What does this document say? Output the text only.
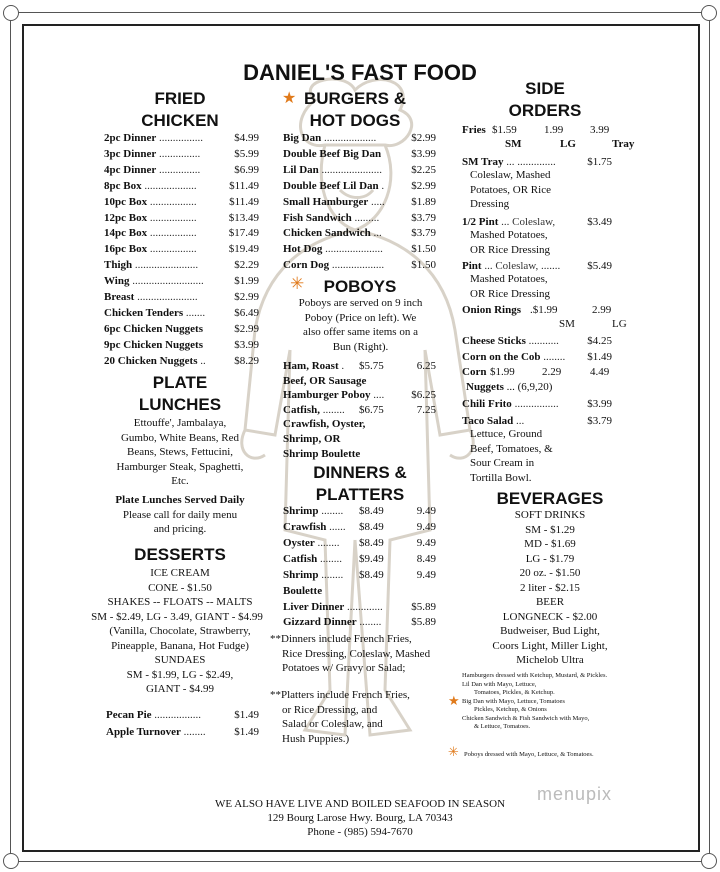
DANIEL'S FAST FOOD
FRIED
CHICKEN
2pc Dinner ................	$4.99
3pc Dinner ...............	$5.99
4pc Dinner ...............	$6.99
8pc Box ...................	$11.49
10pc Box .................	$11.49
12pc Box .................	$13.49
14pc Box .................	$17.49
16pc Box .................	$19.49
Thigh .......................	$2.29
Wing ..........................	$1.99
Breast ......................	$2.99
Chicken Tenders .......	$6.49
6pc Chicken Nuggets	$2.99
9pc Chicken Nuggets	$3.99
20 Chicken Nuggets ..	$8.29
PLATE
LUNCHES
Ettouffe', Jambalaya,
Gumbo, White Beans, Red
Beans, Stews, Fettucini,
Hamburger Steak, Spaghetti,
Etc.
Plate Lunches Served Daily
Please call for daily menu
and pricing.
DESSERTS
ICE CREAM
CONE - $1.50
SHAKES -- FLOATS -- MALTS
SM - $2.49, LG - 3.49, GIANT - $4.99
(Vanilla, Chocolate, Strawberry,
Pineapple, Banana, Hot Fudge)
SUNDAES
SM - $1.99, LG - $2.49,
GIANT - $4.99
Pecan Pie .................	$1.49
Apple Turnover ........	$1.49
★ BURGERS &
HOT DOGS
Big Dan ...................	$2.99
Double Beef Big Dan	$3.99
Lil Dan ......................	$2.25
Double Beef Lil Dan . $2.99
Small Hamburger ..... $1.89
Fish Sandwich .........	$3.79
Chicken Sandwich ...	$3.79
Hot Dog .....................	$1.50
Corn Dog ................... $1.50
✳	POBOYS
Poboys are served on 9 inch
Poboy (Price on left). We
also offer same items on a
Bun (Right).
Ham, Roast . $5.75	6.25
Beef, OR Sausage
Hamburger Poboy .... $6.25
Catfish, ........ $6.75	7.25
Crawfish, Oyster,
Shrimp, OR
Shrimp Boulette
DINNERS &
PLATTERS
Shrimp ........ $8.49	9.49
Crawfish ...... $8.49	9.49
Oyster ........ $8.49	9.49
Catfish ........ $9.49	8.49
Shrimp ........ $8.49	9.49
Boulette
Liver Dinner .............	$5.89
Gizzard Dinner ........	$5.89
**Dinners include French Fries,
Rice Dressing, Coleslaw, Mashed
Potatoes w/ Gravy or Salad;
**Platters include French Fries,
or Rice Dressing, and
Salad or Coleslaw, and
Hush Puppies.)
SIDE
ORDERS
Fries $1.59 1.99 3.99
SM	LG	Tray
SM Tray ... ..............	$1.75
Coleslaw, Mashed
Potatoes, OR Rice
Dressing
1/2 Pint ... Coleslaw,	$3.49
Mashed Potatoes,
OR Rice Dressing
Pint ... Coleslaw, ....... $5.49
Mashed Potatoes,
OR Rice Dressing
Onion Rings .$1.99	2.99
SM	LG
Cheese Sticks ...........	$4.25
Corn on the Cob ........ $1.49
Corn $1.99 2.29	4.49
Nuggets ... (6,9,20)
Chili Frito ................	$3.99
Taco Salad ...	$3.79
Lettuce, Ground
Beef, Tomatoes, &
Sour Cream in
Tortilla Bowl.
BEVERAGES
SOFT DRINKS
SM - $1.29
MD - $1.69
LG - $1.79
20 oz. - $1.50
2 liter - $2.15
BEER
LONGNECK - $2.00
Budweiser, Bud Light,
Coors Light, Miller Light,
Michelob Ultra
★
Hamburgers dressed with Ketchup, Mustard, & Pickles.
Lil Dan with Mayo, Lettuce,
Tomatoes, Pickles, & Ketchup.
Big Dan with Mayo, Lettuce, Tomatoes
Pickles, Ketchup, & Onions
Chicken Sandwich & Fish Sandwich with Mayo,
& Lettuce, Tomatoes.
✳ Poboys dressed with Mayo, Lettuce, & Tomatoes.
WE ALSO HAVE LIVE AND BOILED SEAFOOD IN SEASON
129 Bourg Larose Hwy. Bourg, LA 70343
Phone - (985) 594-7670
menupix
